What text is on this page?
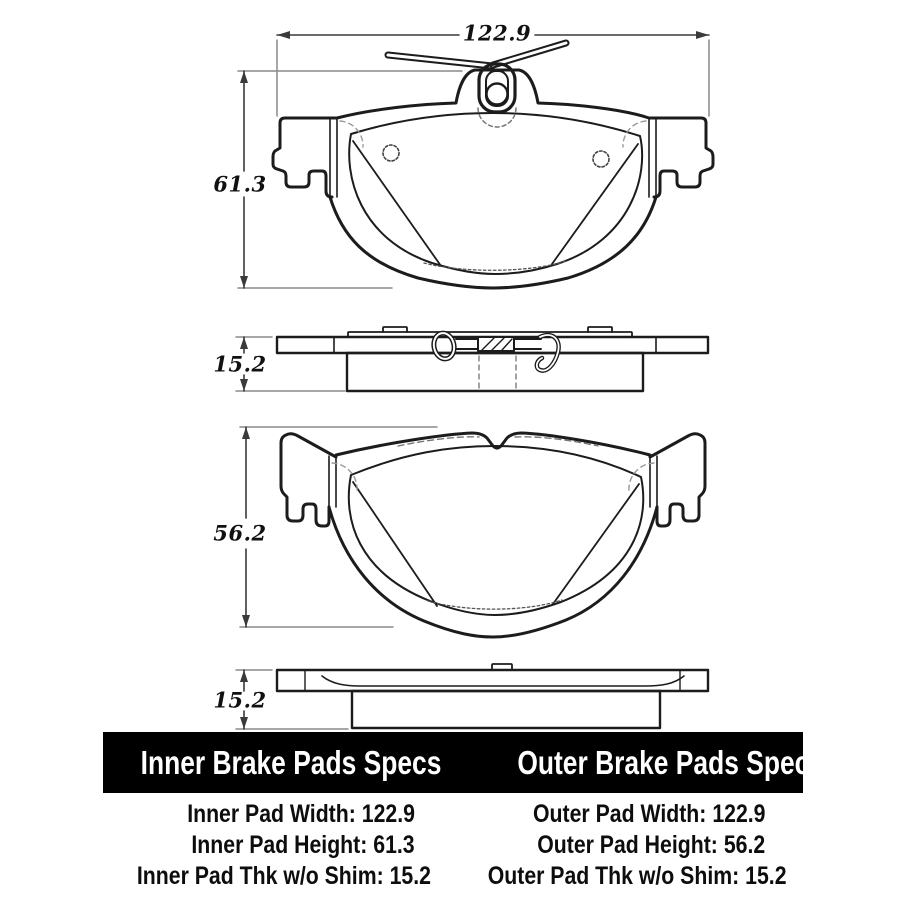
122.9
61.3
15.2
56.2
15.2
Inner Brake Pads Specs Outer Brake Pads Specs
Inner Pad Width: 122.9
Inner Pad Height: 61.3
Inner Pad Thk w/o Shim: 15.2
Outer Pad Width: 122.9
Outer Pad Height: 56.2
Outer Pad Thk w/o Shim: 15.2
